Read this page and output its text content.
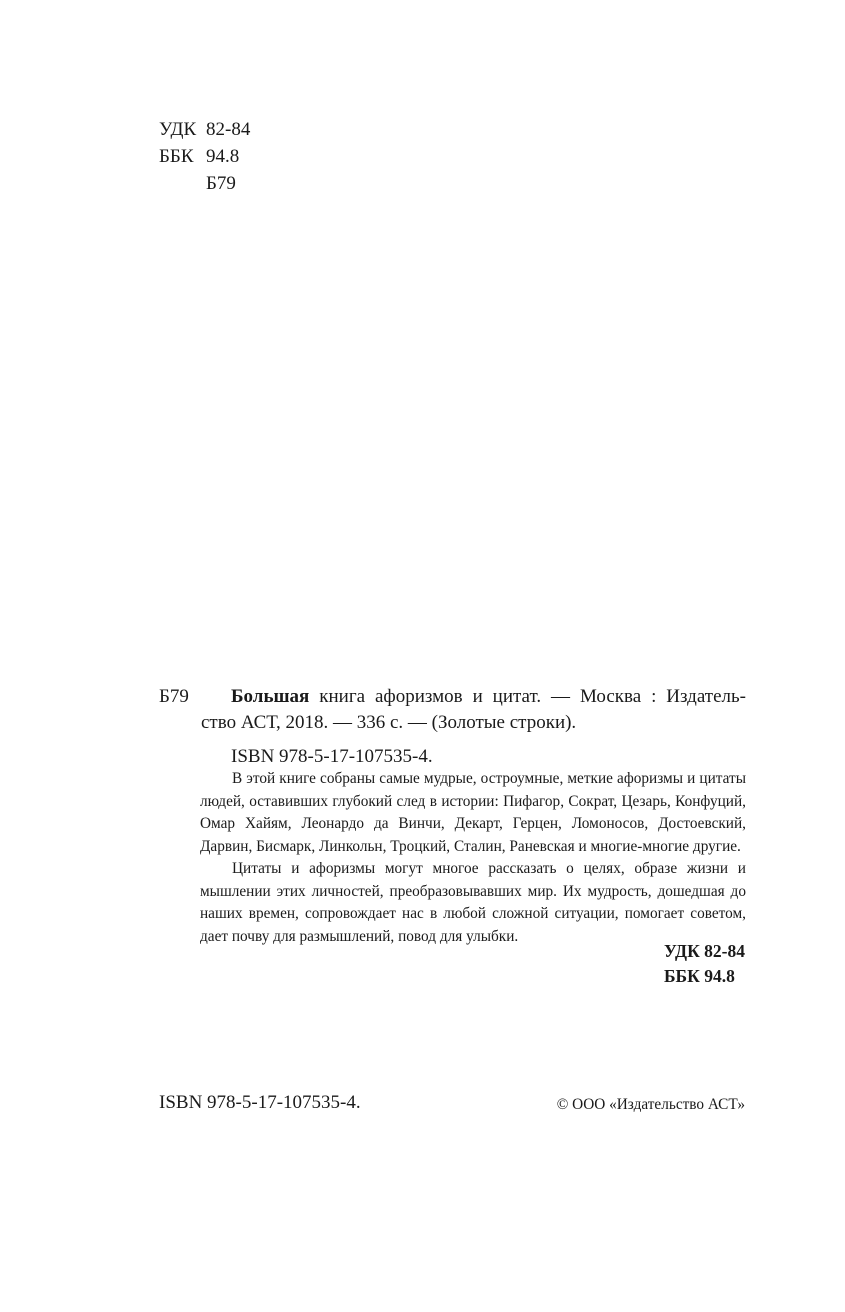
УДК 82-84
ББК 94.8
Б79
Б79 Большая книга афоризмов и цитат. — Москва : Издатель-
ство АСТ, 2018. — 336 с. — (Золотые строки).
ISBN 978-5-17-107535-4.

В этой книге собраны самые мудрые, остроумные, меткие афоризмы и цитаты людей, оставивших глубокий след в истории: Пифагор, Сократ, Цезарь, Конфуций, Омар Хайям, Леонардо да Винчи, Декарт, Герцен, Ломоносов, Достоевский, Дарвин, Бисмарк, Линкольн, Троцкий, Сталин, Раневская и многие-многие другие.

Цитаты и афоризмы могут многое рассказать о целях, образе жизни и мышлении этих личностей, преобразовывавших мир. Их мудрость, дошедшая до наших времен, сопровождает нас в любой сложной ситуации, помогает советом, дает почву для размышлений, повод для улыбки.

УДК 82-84
ББК 94.8
ISBN 978-5-17-107535-4.	© ООО «Издательство АСТ»
